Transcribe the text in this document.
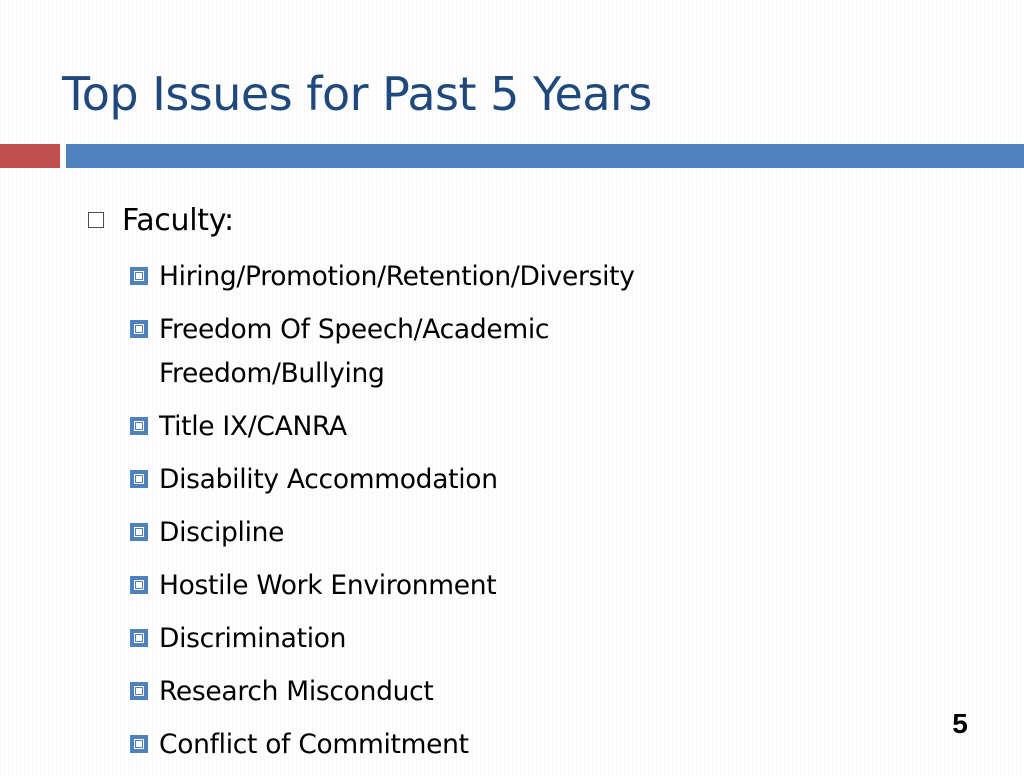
Top Issues for Past 5 Years
Faculty:
Hiring/Promotion/Retention/Diversity
Freedom Of Speech/Academic Freedom/Bullying
Title IX/CANRA
Disability Accommodation
Discipline
Hostile Work Environment
Discrimination
Research Misconduct
Conflict of Commitment
5
